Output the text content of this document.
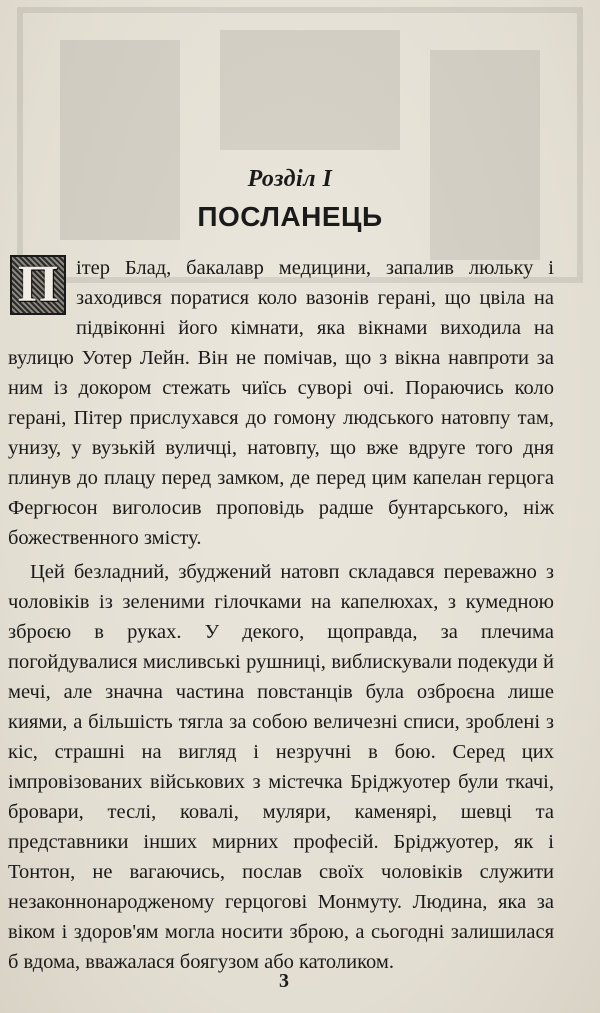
Розділ I
ПОСЛАНЕЦЬ
П ітер Блад, бакалавр медицини, запалив люльку і заходився поратися коло вазонів герані, що цвіла на підвіконні його кімнати, яка вікнами виходила на вулицю Уотер Лейн. Він не помічав, що з вікна навпроти за ним із докором стежать чиїсь суворі очі. Пораючись коло герані, Пітер прислухався до гомону людського натовпу там, унизу, у вузькій вуличці, натовпу, що вже вдруге того дня плинув до плацу перед замком, де перед цим капелан герцога Фергюсон виголосив проповідь радше бунтарського, ніж божественного змісту.

Цей безладний, збуджений натовп складався переважно з чоловіків із зеленими гілочками на капелюхах, з кумедною зброєю в руках. У декого, щоправда, за плечима погойдувалися мисливські рушниці, виблискували подекуди й мечі, але значна частина повстанців була озброєна лише киями, а більшість тягла за собою величезні списи, зроблені з кіс, страшні на вигляд і незручні в бою. Серед цих імпровізованих військових з містечка Бріджуотер були ткачі, бровари, теслі, ковалі, муляри, каменярі, шевці та представники інших мирних професій. Бріджуотер, як і Тонтон, не вагаючись, послав своїх чоловіків служити незаконнонародженому герцогові Монмуту. Людина, яка за віком і здоров'ям могла носити зброю, а сьогодні залишилася б вдома, вважалася боягузом або католиком.

3
